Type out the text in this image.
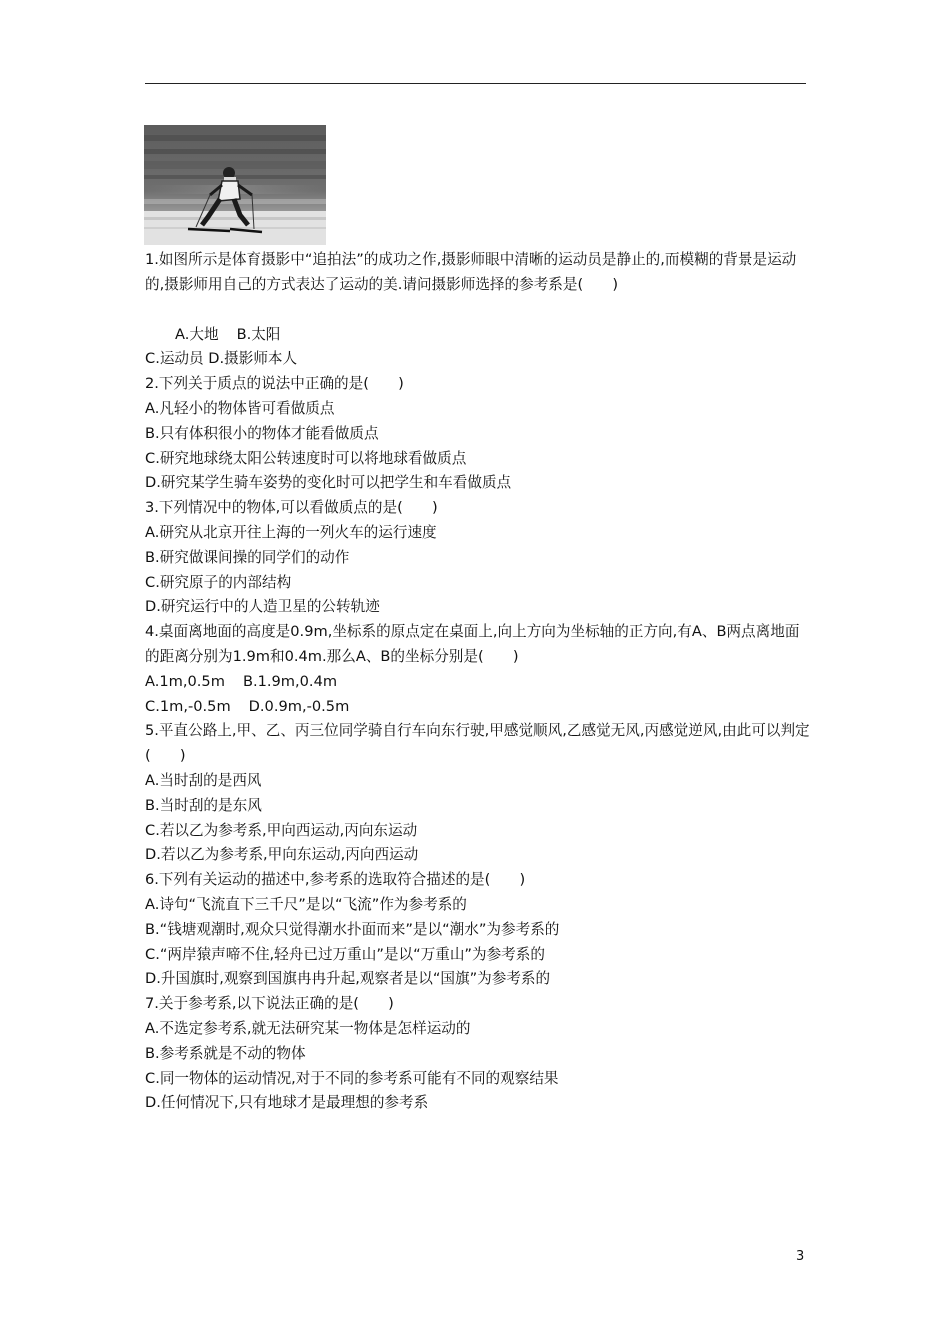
1.如图所示是体育摄影中“追拍法”的成功之作,摄影师眼中清晰的运动员是静止的,而模糊的背景是运动的,摄影师用自己的方式表达了运动的美.请问摄影师选择的参考系是(　　)

A.大地 B.太阳

C.运动员 D.摄影师本人

2.下列关于质点的说法中正确的是(　　)

A.凡轻小的物体皆可看做质点

B.只有体积很小的物体才能看做质点

C.研究地球绕太阳公转速度时可以将地球看做质点

D.研究某学生骑车姿势的变化时可以把学生和车看做质点

3.下列情况中的物体,可以看做质点的是(　　)

A.研究从北京开往上海的一列火车的运行速度

B.研究做课间操的同学们的动作

C.研究原子的内部结构

D.研究运行中的人造卫星的公转轨迹

4.桌面离地面的高度是0.9m,坐标系的原点定在桌面上,向上方向为坐标轴的正方向,有A、B两点离地面的距离分别为1.9m和0.4m.那么A、B的坐标分别是(　　)

A.1m,0.5m B.1.9m,0.4m

C.1m,-0.5m D.0.9m,-0.5m

5.平直公路上,甲、乙、丙三位同学骑自行车向东行驶,甲感觉顺风,乙感觉无风,丙感觉逆风,由此可以判定(　　)

A.当时刮的是西风

B.当时刮的是东风

C.若以乙为参考系,甲向西运动,丙向东运动

D.若以乙为参考系,甲向东运动,丙向西运动

6.下列有关运动的描述中,参考系的选取符合描述的是(　　)

A.诗句“飞流直下三千尺”是以“飞流”作为参考系的

B.“钱塘观潮时,观众只觉得潮水扑面而来”是以“潮水”为参考系的

C.“两岸猿声啼不住,轻舟已过万重山”是以“万重山”为参考系的

D.升国旗时,观察到国旗冉冉升起,观察者是以“国旗”为参考系的

7.关于参考系,以下说法正确的是(　　)

A.不选定参考系,就无法研究某一物体是怎样运动的

B.参考系就是不动的物体

C.同一物体的运动情况,对于不同的参考系可能有不同的观察结果

D.任何情况下,只有地球才是最理想的参考系

3
